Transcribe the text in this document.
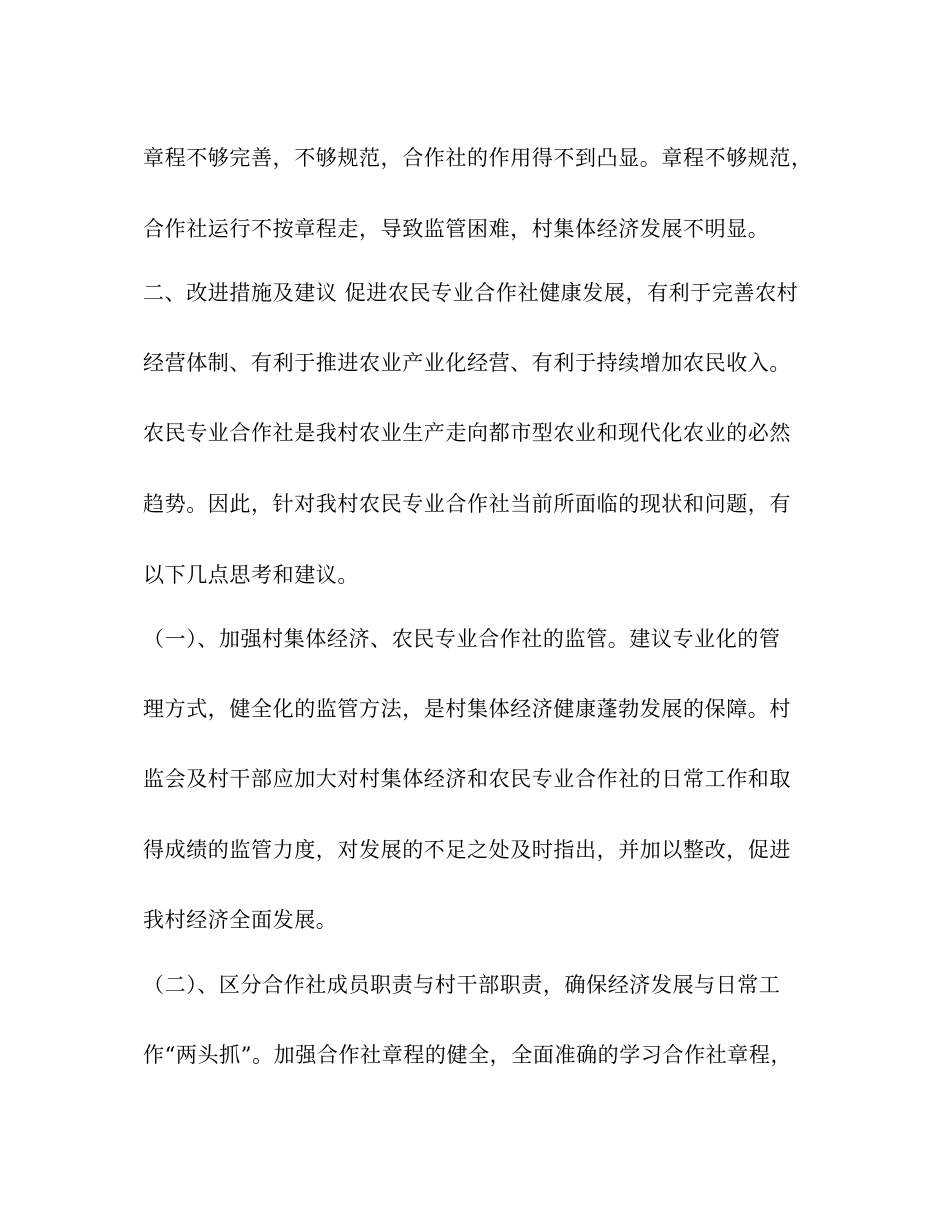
章程不够完善，不够规范，合作社的作用得不到凸显。章程不够规范，
合作社运行不按章程走，导致监管困难，村集体经济发展不明显。
二、改进措施及建议 促进农民专业合作社健康发展，有利于完善农村
经营体制、有利于推进农业产业化经营、有利于持续增加农民收入。
农民专业合作社是我村农业生产走向都市型农业和现代化农业的必然
趋势。因此，针对我村农民专业合作社当前所面临的现状和问题，有
以下几点思考和建议。
（一）、加强村集体经济、农民专业合作社的监管。建议专业化的管
理方式，健全化的监管方法，是村集体经济健康蓬勃发展的保障。村
监会及村干部应加大对村集体经济和农民专业合作社的日常工作和取
得成绩的监管力度，对发展的不足之处及时指出，并加以整改，促进
我村经济全面发展。
（二）、区分合作社成员职责与村干部职责，确保经济发展与日常工
作“两头抓”。加强合作社章程的健全，全面准确的学习合作社章程，
